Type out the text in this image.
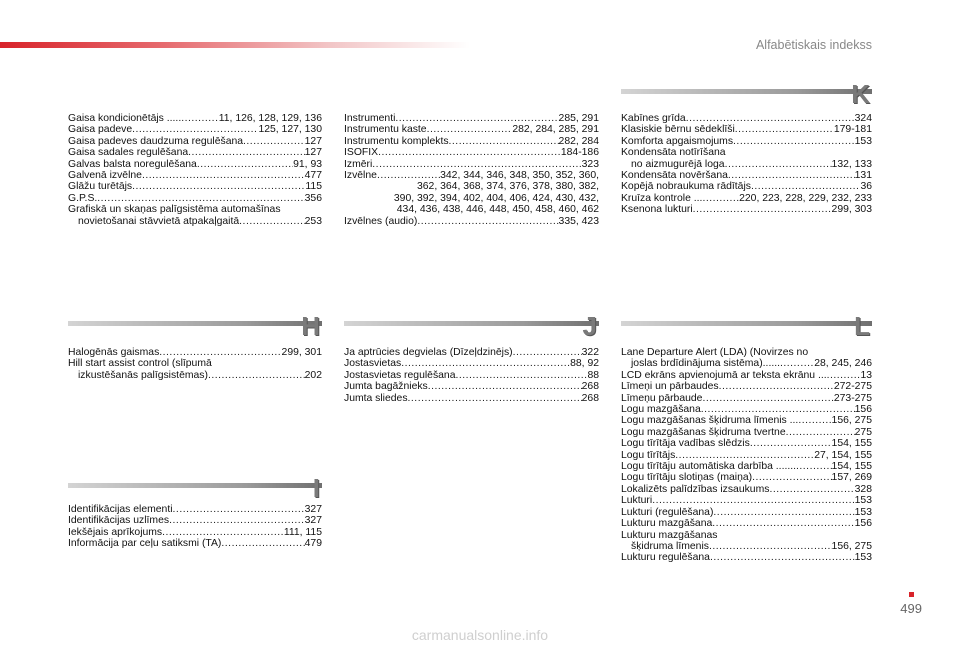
Alfabētiskais indekss
Gaisa kondicionētājs ..... .....	11, 126, 128, 129, 136
Gaisa padeve .....	125, 127, 130
Gaisa padeves daudzuma regulēšana .....	127
Gaisa sadales regulēšana .....	127
Galvas balsta noregulēšana .....	91, 93
Galvenā izvēlne .....	477
Glāžu turētājs .....	115
G.P.S. .....	356
Grafiskā un skaņas palīgsistēma automašīnas
novietošanai stāvvietā atpakaļgaitā .....	253
H
Halogēnās gaismas .....	299, 301
Hill start assist control (slīpumā
izkustēšanās palīgsistēmas) .....	202
I
Identifikācijas elementi .....	327
Identifikācijas uzlīmes .....	327
Iekšējais aprīkojums .....	111, 115
Informācija par ceļu satiksmi (TA) .....	479
Instrumenti .....	285, 291
Instrumentu kaste .....	282, 284, 285, 291
Instrumentu komplekts .....	282, 284
ISOFIX .....	184-186
Izmēri .....	323
Izvēlne .....	342, 344, 346, 348, 350, 352, 360,
362, 364, 368, 374, 376, 378, 380, 382,
390, 392, 394, 402, 404, 406, 424, 430, 432,
434, 436, 438, 446, 448, 450, 458, 460, 462
Izvēlnes (audio) .....	335, 423
J
Ja aptrūcies degvielas (Dīzeļdzinējs) .....	322
Jostasvietas .....	88, 92
Jostasvietas regulēšana .....	88
Jumta bagāžnieks .....	268
Jumta sliedes .....	268
K
Kabīnes grīda .....	324
Klasiskie bērnu sēdeklīši .....	179-181
Komforta apgaismojums .....	153
Kondensāta notīrīšana
no aizmugurējā loga .....	132, 133
Kondensāta novēršana .....	131
Kopējā nobraukuma rādītājs .....	36
Kruīza kontrole ... .....	220, 223, 228, 229, 232, 233
Ksenona lukturi .....	299, 303
L
Lane Departure Alert (LDA) (Novirzes no
joslas brdīdinājuma sistēma)...... .....	28, 245, 246
LCD ekrāns apvienojumā ar teksta ekrānu ... .....	13
Līmeņi un pārbaudes .....	272-275
Līmeņu pārbaude .....	273-275
Logu mazgāšana .....	156
Logu mazgāšanas šķidruma līmenis ... .....	156, 275
Logu mazgāšanas šķidruma tvertne .....	275
Logu tīrītāja vadības slēdzis .....	154, 155
Logu tīrītājs .....	27, 154, 155
Logu tīrītāju automātiska darbība ....... .....	154, 155
Logu tīrītāju slotiņas (maiņa) .....	157, 269
Lokalizēts palīdzības izsaukums .....	328
Lukturi .....	153
Lukturi (regulēšana) .....	153
Lukturu mazgāšana .....	156
Lukturu mazgāšanas
šķidruma līmenis .....	156, 275
Lukturu regulēšana .....	153
499
carmanualsonline.info
